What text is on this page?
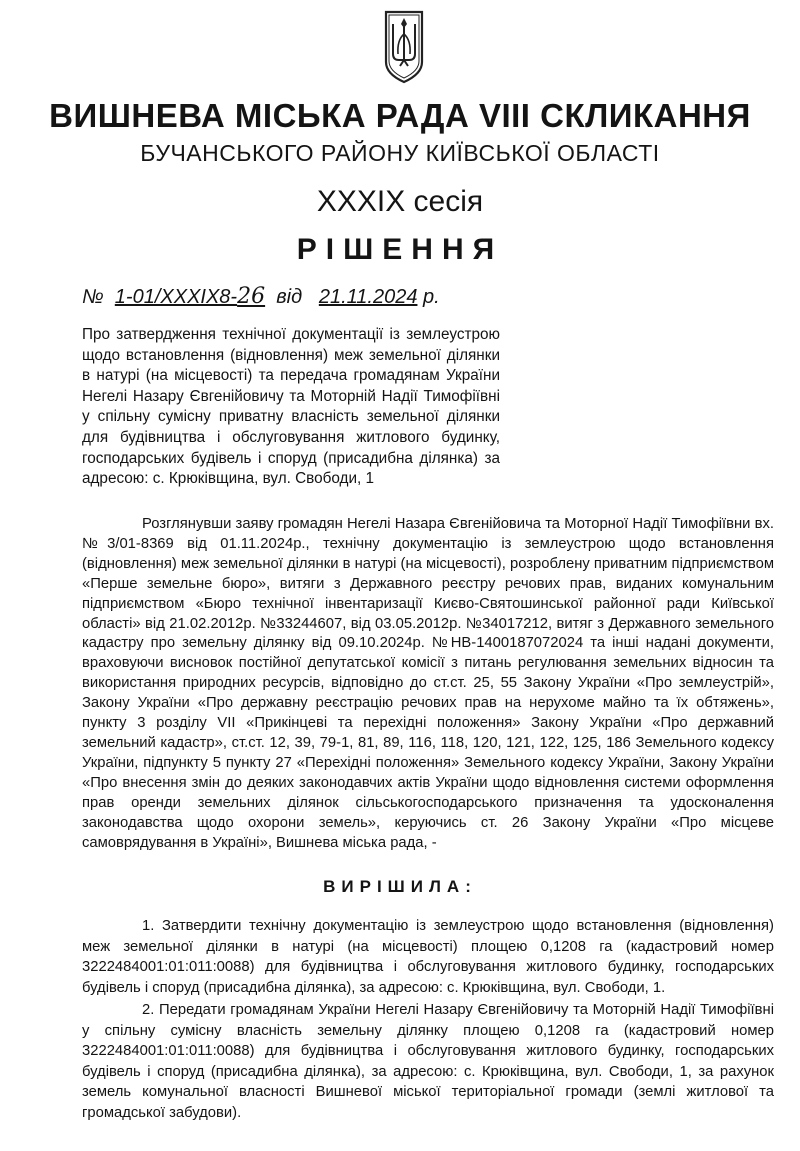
ВИШНЕВА МІСЬКА РАДА VIII СКЛИКАННЯ
БУЧАНСЬКОГО РАЙОНУ КИЇВСЬКОЇ ОБЛАСТІ
XXXIX сесія
РІШЕННЯ
№ 1-01/XXXIX8-26 від 21.11.2024 р.
Про затвердження технічної документації із землеустрою щодо встановлення (відновлення) меж земельної ділянки в натурі (на місцевості) та передача громадянам України Негелі Назару Євгенійовичу та Моторній Надії Тимофіївні у спільну сумісну приватну власність земельної ділянки для будівництва і обслуговування житлового будинку, господарських будівель і споруд (присадибна ділянка) за адресою: с. Крюківщина, вул. Свободи, 1

Розглянувши заяву громадян Негелі Назара Євгенійовича та Моторної Надії Тимофіївни вх.№3/01-8369 від 01.11.2024р., технічну документацію із землеустрою щодо встановлення (відновлення) меж земельної ділянки в натурі (на місцевості), розроблену приватним підприємством «Перше земельне бюро», витяги з Державного реєстру речових прав, виданих комунальним підприємством «Бюро технічної інвентаризації Києво-Святошинської районної ради Київської області» від 21.02.2012р. №33244607, від 03.05.2012р. №34017212, витяг з Державного земельного кадастру про земельну ділянку від 09.10.2024р. №НВ-1400187072024 та інші надані документи, враховуючи висновок постійної депутатської комісії з питань регулювання земельних відносин та використання природних ресурсів, відповідно до ст.ст. 25, 55 Закону України «Про землеустрій», Закону України «Про державну реєстрацію речових прав на нерухоме майно та їх обтяжень», пункту 3 розділу VII «Прикінцеві та перехідні положення» Закону України «Про державний земельний кадастр», ст.ст. 12, 39, 79-1, 81, 89, 116, 118, 120, 121, 122, 125, 186 Земельного кодексу України, підпункту 5 пункту 27 «Перехідні положення» Земельного кодексу України, Закону України «Про внесення змін до деяких законодавчих актів України щодо відновлення системи оформлення прав оренди земельних ділянок сільськогосподарського призначення та удосконалення законодавства щодо охорони земель», керуючись ст. 26 Закону України «Про місцеве самоврядування в Україні», Вишнева міська рада, -

ВИРІШИЛА:

1. Затвердити технічну документацію із землеустрою щодо встановлення (відновлення) меж земельної ділянки в натурі (на місцевості) площею 0,1208 га (кадастровий номер 3222484001:01:011:0088) для будівництва і обслуговування житлового будинку, господарських будівель і споруд (присадибна ділянка), за адресою: с. Крюківщина, вул. Свободи, 1.

2. Передати громадянам України Негелі Назару Євгенійовичу та Моторній Надії Тимофіївні у спільну сумісну власність земельну ділянку площею 0,1208 га (кадастровий номер 3222484001:01:011:0088) для будівництва і обслуговування житлового будинку, господарських будівель і споруд (присадибна ділянка), за адресою: с. Крюківщина, вул. Свободи, 1, за рахунок земель комунальної власності Вишневої міської територіальної громади (землі житлової та громадської забудови).
